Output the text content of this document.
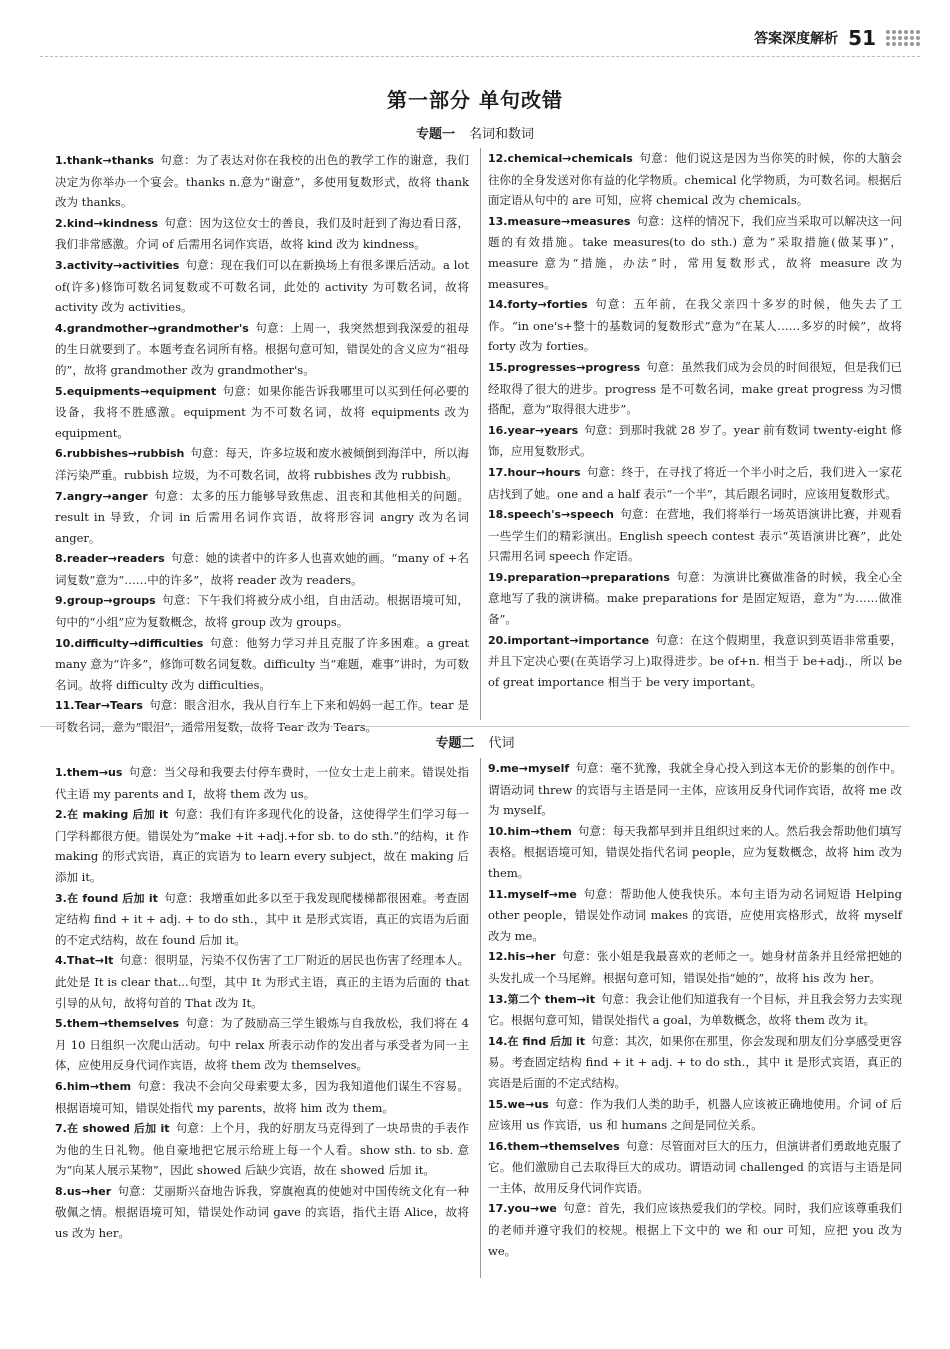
答案深度解析 51
第一部分 单句改错
专题一 名词和数词
1.thank→thanks 句意：为了表达对你在我校的出色的教学工作的谢意，我们决定为你举办一个宴会。thanks n.意为“谢意”，多使用复数形式，故将 thank 改为 thanks。
2.kind→kindness 句意：因为这位女士的善良，我们及时赶到了海边看日落，我们非常感激。介词 of 后需用名词作宾语，故将 kind 改为 kindness。
3.activity→activities 句意：现在我们可以在新换场上有很多课后活动。a lot of(许多)修饰可数名词复数或不可数名词，此处的 activity 为可数名词，故将 activity 改为 activities。
4.grandmother→grandmother's 句意：上周一，我突然想到我深爱的祖母的生日就要到了。本题考查名词所有格。根据句意可知，错误处的含义应为“祖母的”，故将 grandmother 改为 grandmother's。
5.equipments→equipment 句意：如果你能告诉我哪里可以买到任何必要的设备，我将不胜感激。equipment 为不可数名词，故将 equipments 改为 equipment。
6.rubbishes→rubbish 句意：每天，许多垃圾和废水被倾倒到海洋中，所以海洋污染严重。rubbish 垃圾，为不可数名词，故将 rubbishes 改为 rubbish。
7.angry→anger 句意：太多的压力能够导致焦虑、沮丧和其他相关的问题。result in 导致，介词 in 后需用名词作宾语，故将形容词 angry 改为名词 anger。
8.reader→readers 句意：她的读者中的许多人也喜欢她的画。“many of +名词复数”意为“……中的许多”，故将 reader 改为 readers。
9.group→groups 句意：下午我们将被分成小组，自由活动。根据语境可知，句中的“小组”应为复数概念，故将 group 改为 groups。
10.difficulty→difficulties 句意：他努力学习并且克服了许多困难。a great many 意为“许多”，修饰可数名词复数。difficulty 当“难题，难事”讲时，为可数名词。故将 difficulty 改为 difficulties。
11.Tear→Tears 句意：眼含泪水，我从自行车上下来和妈妈一起工作。tear 是可数名词，意为“眼泪”，通常用复数，故将 Tear 改为 Tears。
12.chemical→chemicals 句意：他们说这是因为当你笑的时候，你的大脑会往你的全身发送对你有益的化学物质。chemical 化学物质，为可数名词。根据后面定语从句中的 are 可知，应将 chemical 改为 chemicals。
13.measure→measures 句意：这样的情况下，我们应当采取可以解决这一问题的有效措施。take measures(to do sth.) 意为“采取措施(做某事)”，measure 意为“措施，办法”时，常用复数形式，故将 measure 改为 measures。
14.forty→forties 句意：五年前，在我父亲四十多岁的时候，他失去了工作。“in one's+整十的基数词的复数形式”意为“在某人……多岁的时候”，故将 forty 改为 forties。
15.progresses→progress 句意：虽然我们成为会员的时间很短，但是我们已经取得了很大的进步。progress 是不可数名词，make great progress 为习惯搭配，意为“取得很大进步”。
16.year→years 句意：到那时我就 28 岁了。year 前有数词 twenty-eight 修饰，应用复数形式。
17.hour→hours 句意：终于，在寻找了将近一个半小时之后，我们进入一家花店找到了她。one and a half 表示“一个半”，其后跟名词时，应该用复数形式。
18.speech's→speech 句意：在营地，我们将举行一场英语演讲比赛，并观看一些学生们的精彩演出。English speech contest 表示“英语演讲比赛”，此处只需用名词 speech 作定语。
19.preparation→preparations 句意：为演讲比赛做准备的时候，我全心全意地写了我的演讲稿。make preparations for 是固定短语，意为“为……做准备”。
20.important→importance 句意：在这个假期里，我意识到英语非常重要，并且下定决心要(在英语学习上)取得进步。be of+n. 相当于 be+adj.，所以 be of great importance 相当于 be very important。
专题二 代词
1.them→us 句意：当父母和我要去付停车费时，一位女士走上前来。错误处指代主语 my parents and I，故将 them 改为 us。
2.在 making 后加 it 句意：我们有许多现代化的设备，这使得学生们学习每一门学科都很方便。错误处为“make +it +adj.+for sb. to do sth.”的结构，it 作 making 的形式宾语，真正的宾语为 to learn every subject，故在 making 后添加 it。
3.在 found 后加 it 句意：我增重如此多以至于我发现爬楼梯都很困难。考查固定结构 find + it + adj. + to do sth.，其中 it 是形式宾语，真正的宾语为后面的不定式结构，故在 found 后加 it。
4.That→It 句意：很明显，污染不仅伤害了工厂附近的居民也伤害了经理本人。此处是 It is clear that...句型，其中 It 为形式主语，真正的主语为后面的 that 引导的从句，故将句首的 That 改为 It。
5.them→themselves 句意：为了鼓励高三学生锻炼与自我放松，我们将在 4 月 10 日组织一次爬山活动。句中 relax 所表示动作的发出者与承受者为同一主体，应使用反身代词作宾语，故将 them 改为 themselves。
6.him→them 句意：我决不会向父母索要太多，因为我知道他们谋生不容易。根据语境可知，错误处指代 my parents，故将 him 改为 them。
7.在 showed 后加 it 句意：上个月，我的好朋友马克得到了一块昂贵的手表作为他的生日礼物。他自豪地把它展示给班上每一个人看。show sth. to sb. 意为“向某人展示某物”，因此 showed 后缺少宾语，故在 showed 后加 it。
8.us→her 句意：艾丽斯兴奋地告诉我，穿旗袍真的使她对中国传统文化有一种敬佩之情。根据语境可知，错误处作动词 gave 的宾语，指代主语 Alice，故将 us 改为 her。
9.me→myself 句意：毫不犹豫，我就全身心投入到这本无价的影集的创作中。谓语动词 threw 的宾语与主语是同一主体，应该用反身代词作宾语，故将 me 改为 myself。
10.him→them 句意：每天我都早到并且组织过来的人。然后我会帮助他们填写表格。根据语境可知，错误处指代名词 people，应为复数概念，故将 him 改为 them。
11.myself→me 句意：帮助他人使我快乐。本句主语为动名词短语 Helping other people，错误处作动词 makes 的宾语，应使用宾格形式，故将 myself 改为 me。
12.his→her 句意：张小姐是我最喜欢的老师之一。她身材苗条并且经常把她的头发扎成一个马尾辫。根据句意可知，错误处指“她的”，故将 his 改为 her。
13.第二个 them→it 句意：我会让他们知道我有一个目标，并且我会努力去实现它。根据句意可知，错误处指代 a goal，为单数概念，故将 them 改为 it。
14.在 find 后加 it 句意：其次，如果你在那里，你会发现和朋友们分享感受更容易。考查固定结构 find + it + adj. + to do sth.，其中 it 是形式宾语，真正的宾语是后面的不定式结构。
15.we→us 句意：作为我们人类的助手，机器人应该被正确地使用。介词 of 后应该用 us 作宾语，us 和 humans 之间是同位关系。
16.them→themselves 句意：尽管面对巨大的压力，但演讲者们勇敢地克服了它。他们激励自己去取得巨大的成功。谓语动词 challenged 的宾语与主语是同一主体，故用反身代词作宾语。
17.you→we 句意：首先，我们应该热爱我们的学校。同时，我们应该尊重我们的老师并遵守我们的校规。根据上下文中的 we 和 our 可知，应把 you 改为 we。
